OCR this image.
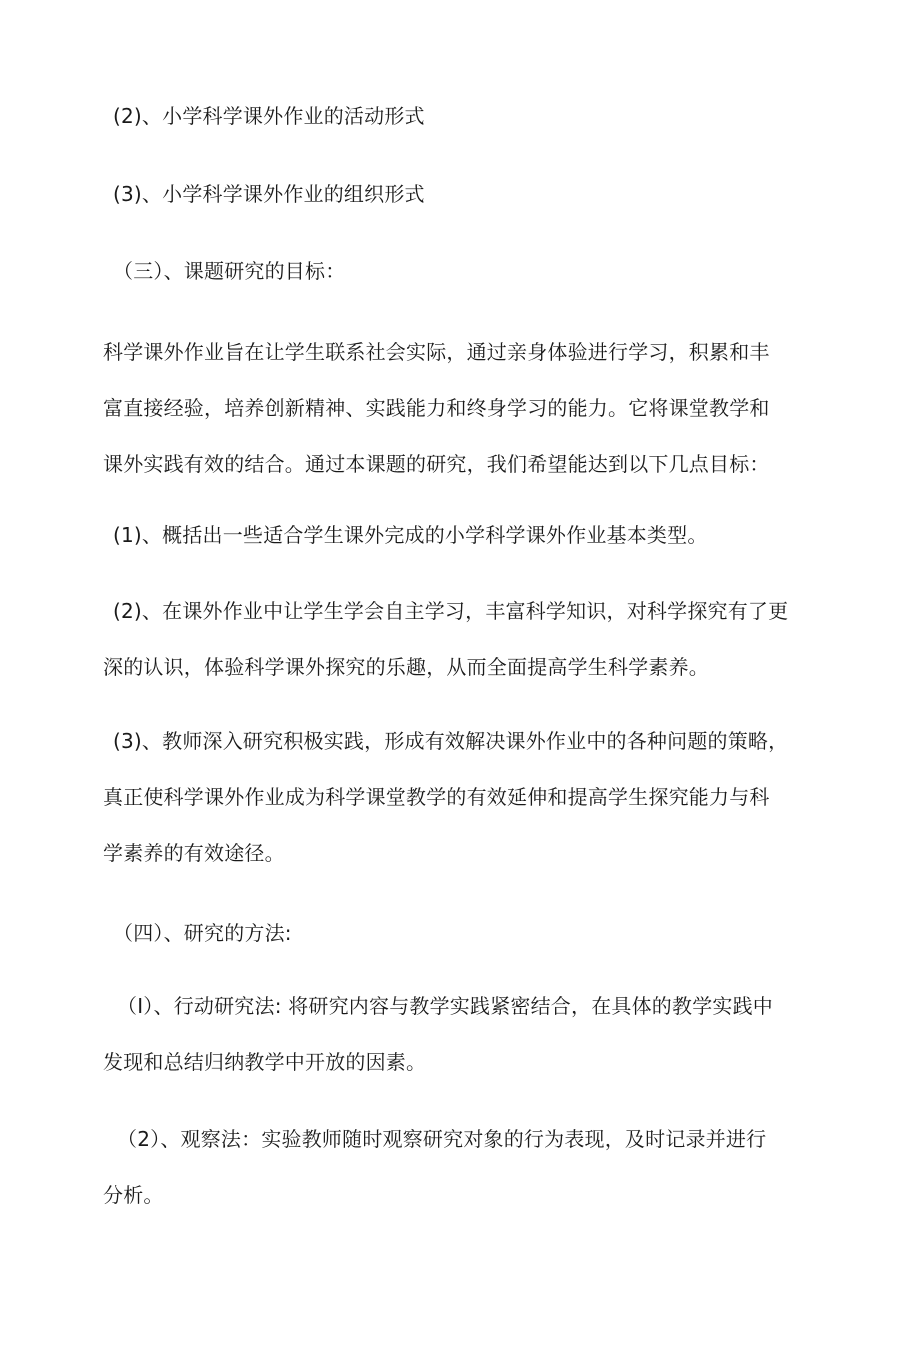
(2)、小学科学课外作业的活动形式

(3)、小学科学课外作业的组织形式

（三）、课题研究的目标：

科学课外作业旨在让学生联系社会实际，通过亲身体验进行学习，积累和丰
富直接经验，培养创新精神、实践能力和终身学习的能力。它将课堂教学和
课外实践有效的结合。通过本课题的研究，我们希望能达到以下几点目标：

(1)、概括出一些适合学生课外完成的小学科学课外作业基本类型。

(2)、在课外作业中让学生学会自主学习，丰富科学知识，对科学探究有了更
深的认识，体验科学课外探究的乐趣，从而全面提高学生科学素养。

(3)、教师深入研究积极实践，形成有效解决课外作业中的各种问题的策略，
真正使科学课外作业成为科学课堂教学的有效延伸和提高学生探究能力与科
学素养的有效途径。

（四）、研究的方法:

（I）、行动研究法: 将研究内容与教学实践紧密结合，在具体的教学实践中
发现和总结归纳教学中开放的因素。

（2）、观察法：实验教师随时观察研究对象的行为表现，及时记录并进行
分析。
